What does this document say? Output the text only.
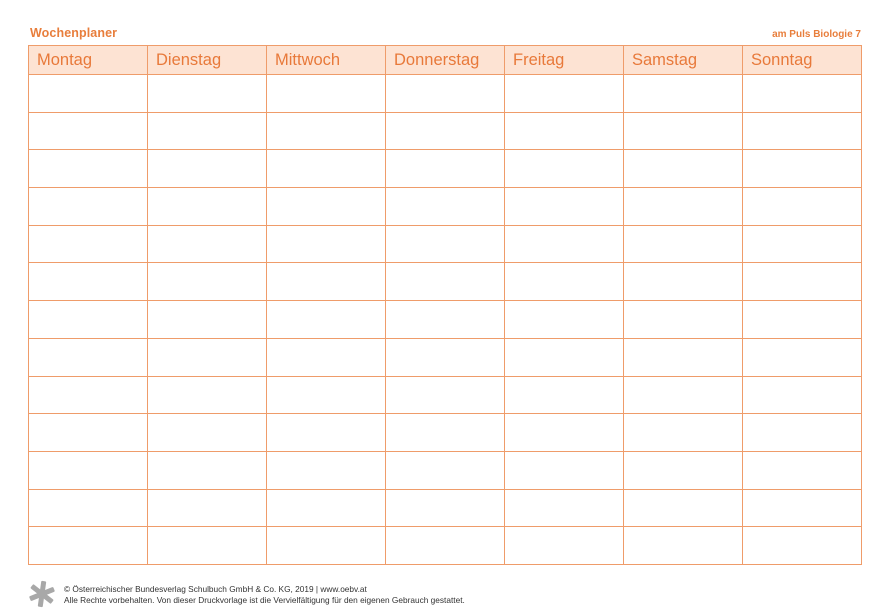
Wochenplaner	am Puls Biologie 7
Montag	Dienstag	Mittwoch	Donnerstag	Freitag	Samstag	Sonntag

© Österreichischer Bundesverlag Schulbuch GmbH & Co. KG, 2019 | www.oebv.at
Alle Rechte vorbehalten. Von dieser Druckvorlage ist die Vervielfältigung für den eigenen Gebrauch gestattet.
